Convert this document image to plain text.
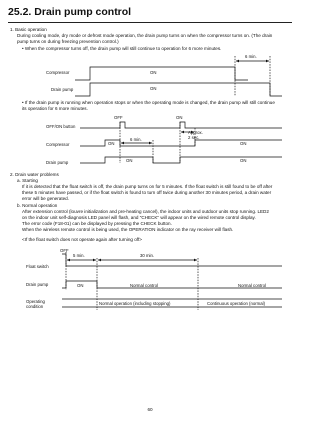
25.2. Drain pump control
1. Basic operation
During cooling mode, dry mode or defrost mode operation, the drain pump turns on when the compressor turns on. (The drain
pump turns on during freezing prevention control.)
• When the compressor turns off, the drain pump will still continue to operation for 6 more minutes.
6 min.
Compressor
Drain pump
ON
ON
• If the drain pump is running when operation stops or when the operating mode is changed, the drain pump will still continue
its operation for 6 more minutes.
OFF	ON
OFF/ON button
Compressor
Drain pump
Approx.
2 sec.
6 min.
ON	ON
ON	ON
2. Drain water problems
a. Starting
If it is detected that the float switch is off, the drain pump turns on for 5 minutes. If the float switch is still found to be off after
these 5 minutes have passed, or if the float switch is found to turn off twice during another 30 minutes period, a drain water
error will be generated.
b. Normal operation
After extension control (louvre initialization and pre-heating cancel), the indoor units and outdoor units stop running. LED2
on the indoor unit self-diagnosis LED panel will flash, and "CHECK" will appear on the wired remote control display.
The error code (F18-01) can be displayed by pressing the CHECK button.
When the wireless remote control is being used, the OPERATION indicator on the ray receiver will flash.
<If the float switch does not operate again after turning off>
OFF
Float switch
Drain pump
Operating
condition
5 min.	30 min.
ON	Normal control	Normal control
Normal operation (including stopping)	Continuous operation (normal)
60
